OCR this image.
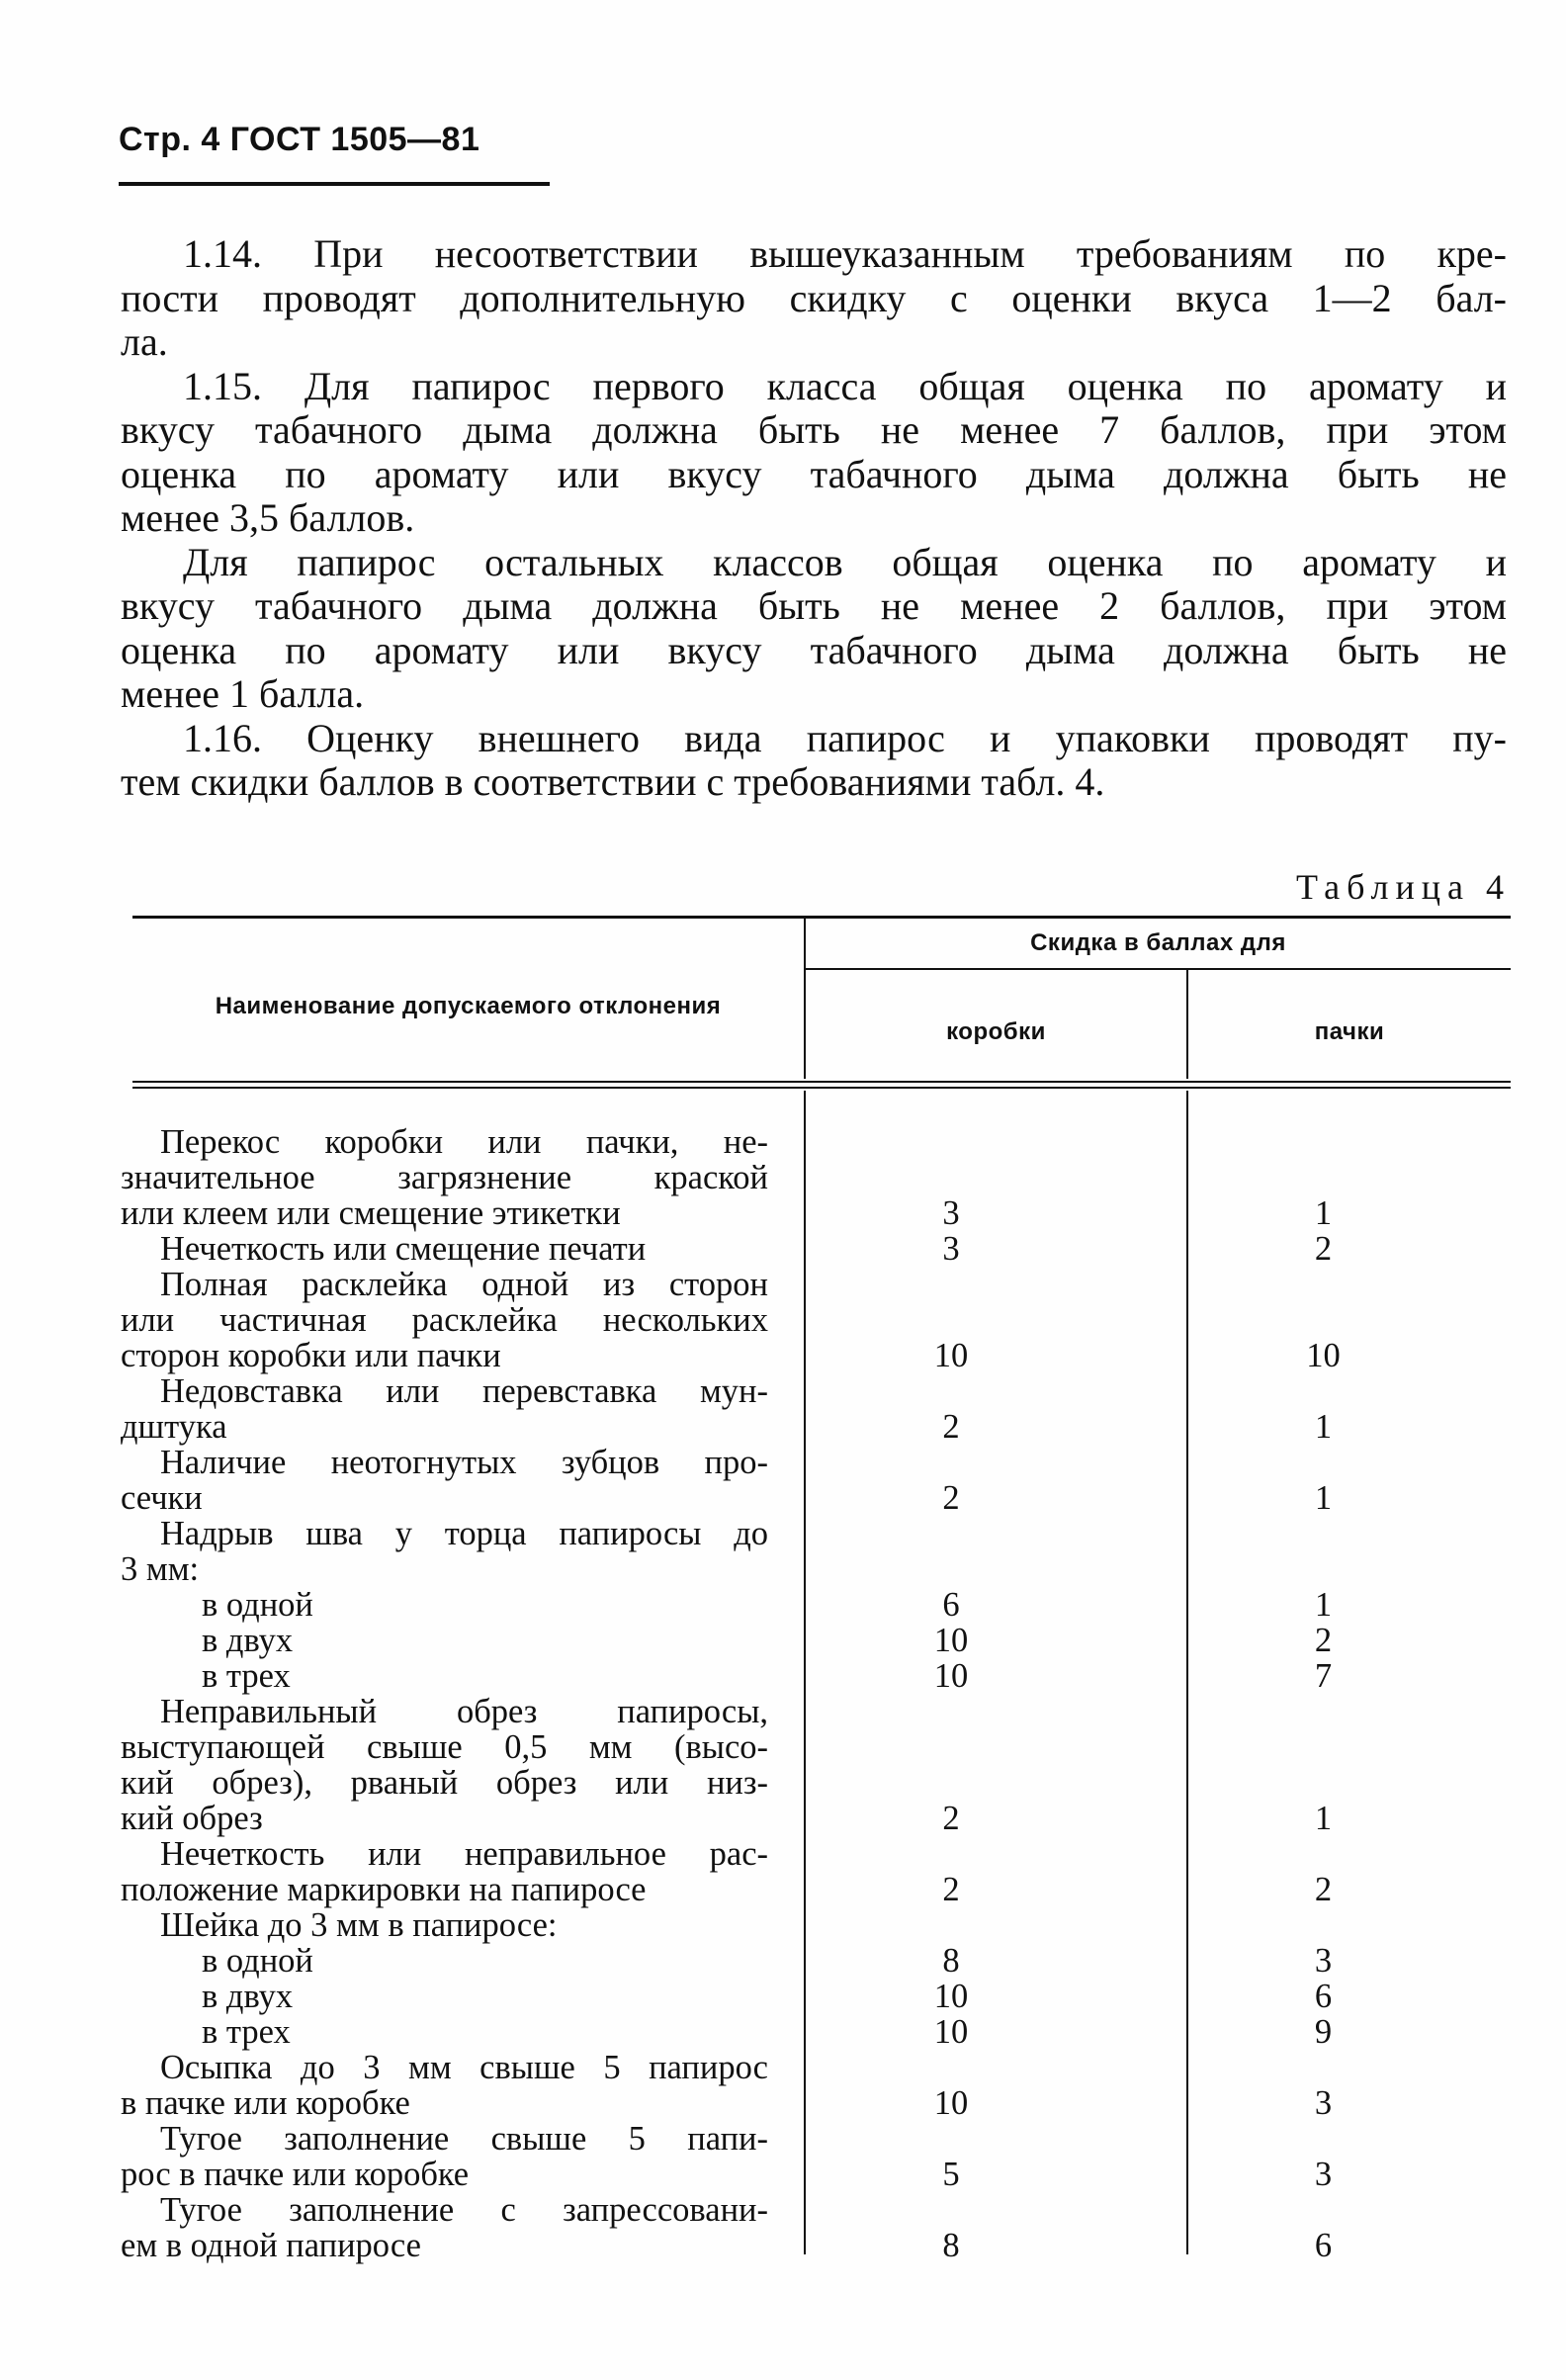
Стр. 4 ГОСТ 1505—81

1.14. При несоответствии вышеуказанным требованиям по кре-

пости проводят дополнительную скидку с оценки вкуса 1—2 бал-

ла.

1.15. Для папирос первого класса общая оценка по аромату и

вкусу табачного дыма должна быть не менее 7 баллов, при этом

оценка по аромату или вкусу табачного дыма должна быть не

менее 3,5 баллов.

Для папирос остальных классов общая оценка по аромату и

вкусу табачного дыма должна быть не менее 2 баллов, при этом

оценка по аромату или вкусу табачного дыма должна быть не

менее 1 балла.

1.16. Оценку внешнего вида папирос и упаковки проводят пу-

тем скидки баллов в соответствии с требованиями табл. 4.

Таблица 4
Наименование допускаемого отклонения
Скидка в баллах для
коробки	пачки
Перекос коробки или пачки, не-
значительное загрязнение краской
или клеем или смещение этикетки	3	1
Нечеткость или смещение печати	3	2
Полная расклейка одной из сторон
или частичная расклейка нескольких
сторон коробки или пачки	10	10
Недовставка или перевставка мун-
дштука	2	1
Наличие неотогнутых зубцов про-
сечки	2	1
Надрыв шва у торца папиросы до
3 мм:
в одной	6	1
в двух	10	2
в трех	10	7
Неправильный обрез папиросы,
выступающей свыше 0,5 мм (высо-
кий обрез), рваный обрез или низ-
кий обрез	2	1
Нечеткость или неправильное рас-
положение маркировки на папиросе	2	2
Шейка до 3 мм в папиросе:
в одной	8	3
в двух	10	6
в трех	10	9
Осыпка до 3 мм свыше 5 папирос
в пачке или коробке	10	3
Тугое заполнение свыше 5 папи-
рос в пачке или коробке	5	3
Тугое заполнение с запрессовани-
ем в одной папиросе	8	6
